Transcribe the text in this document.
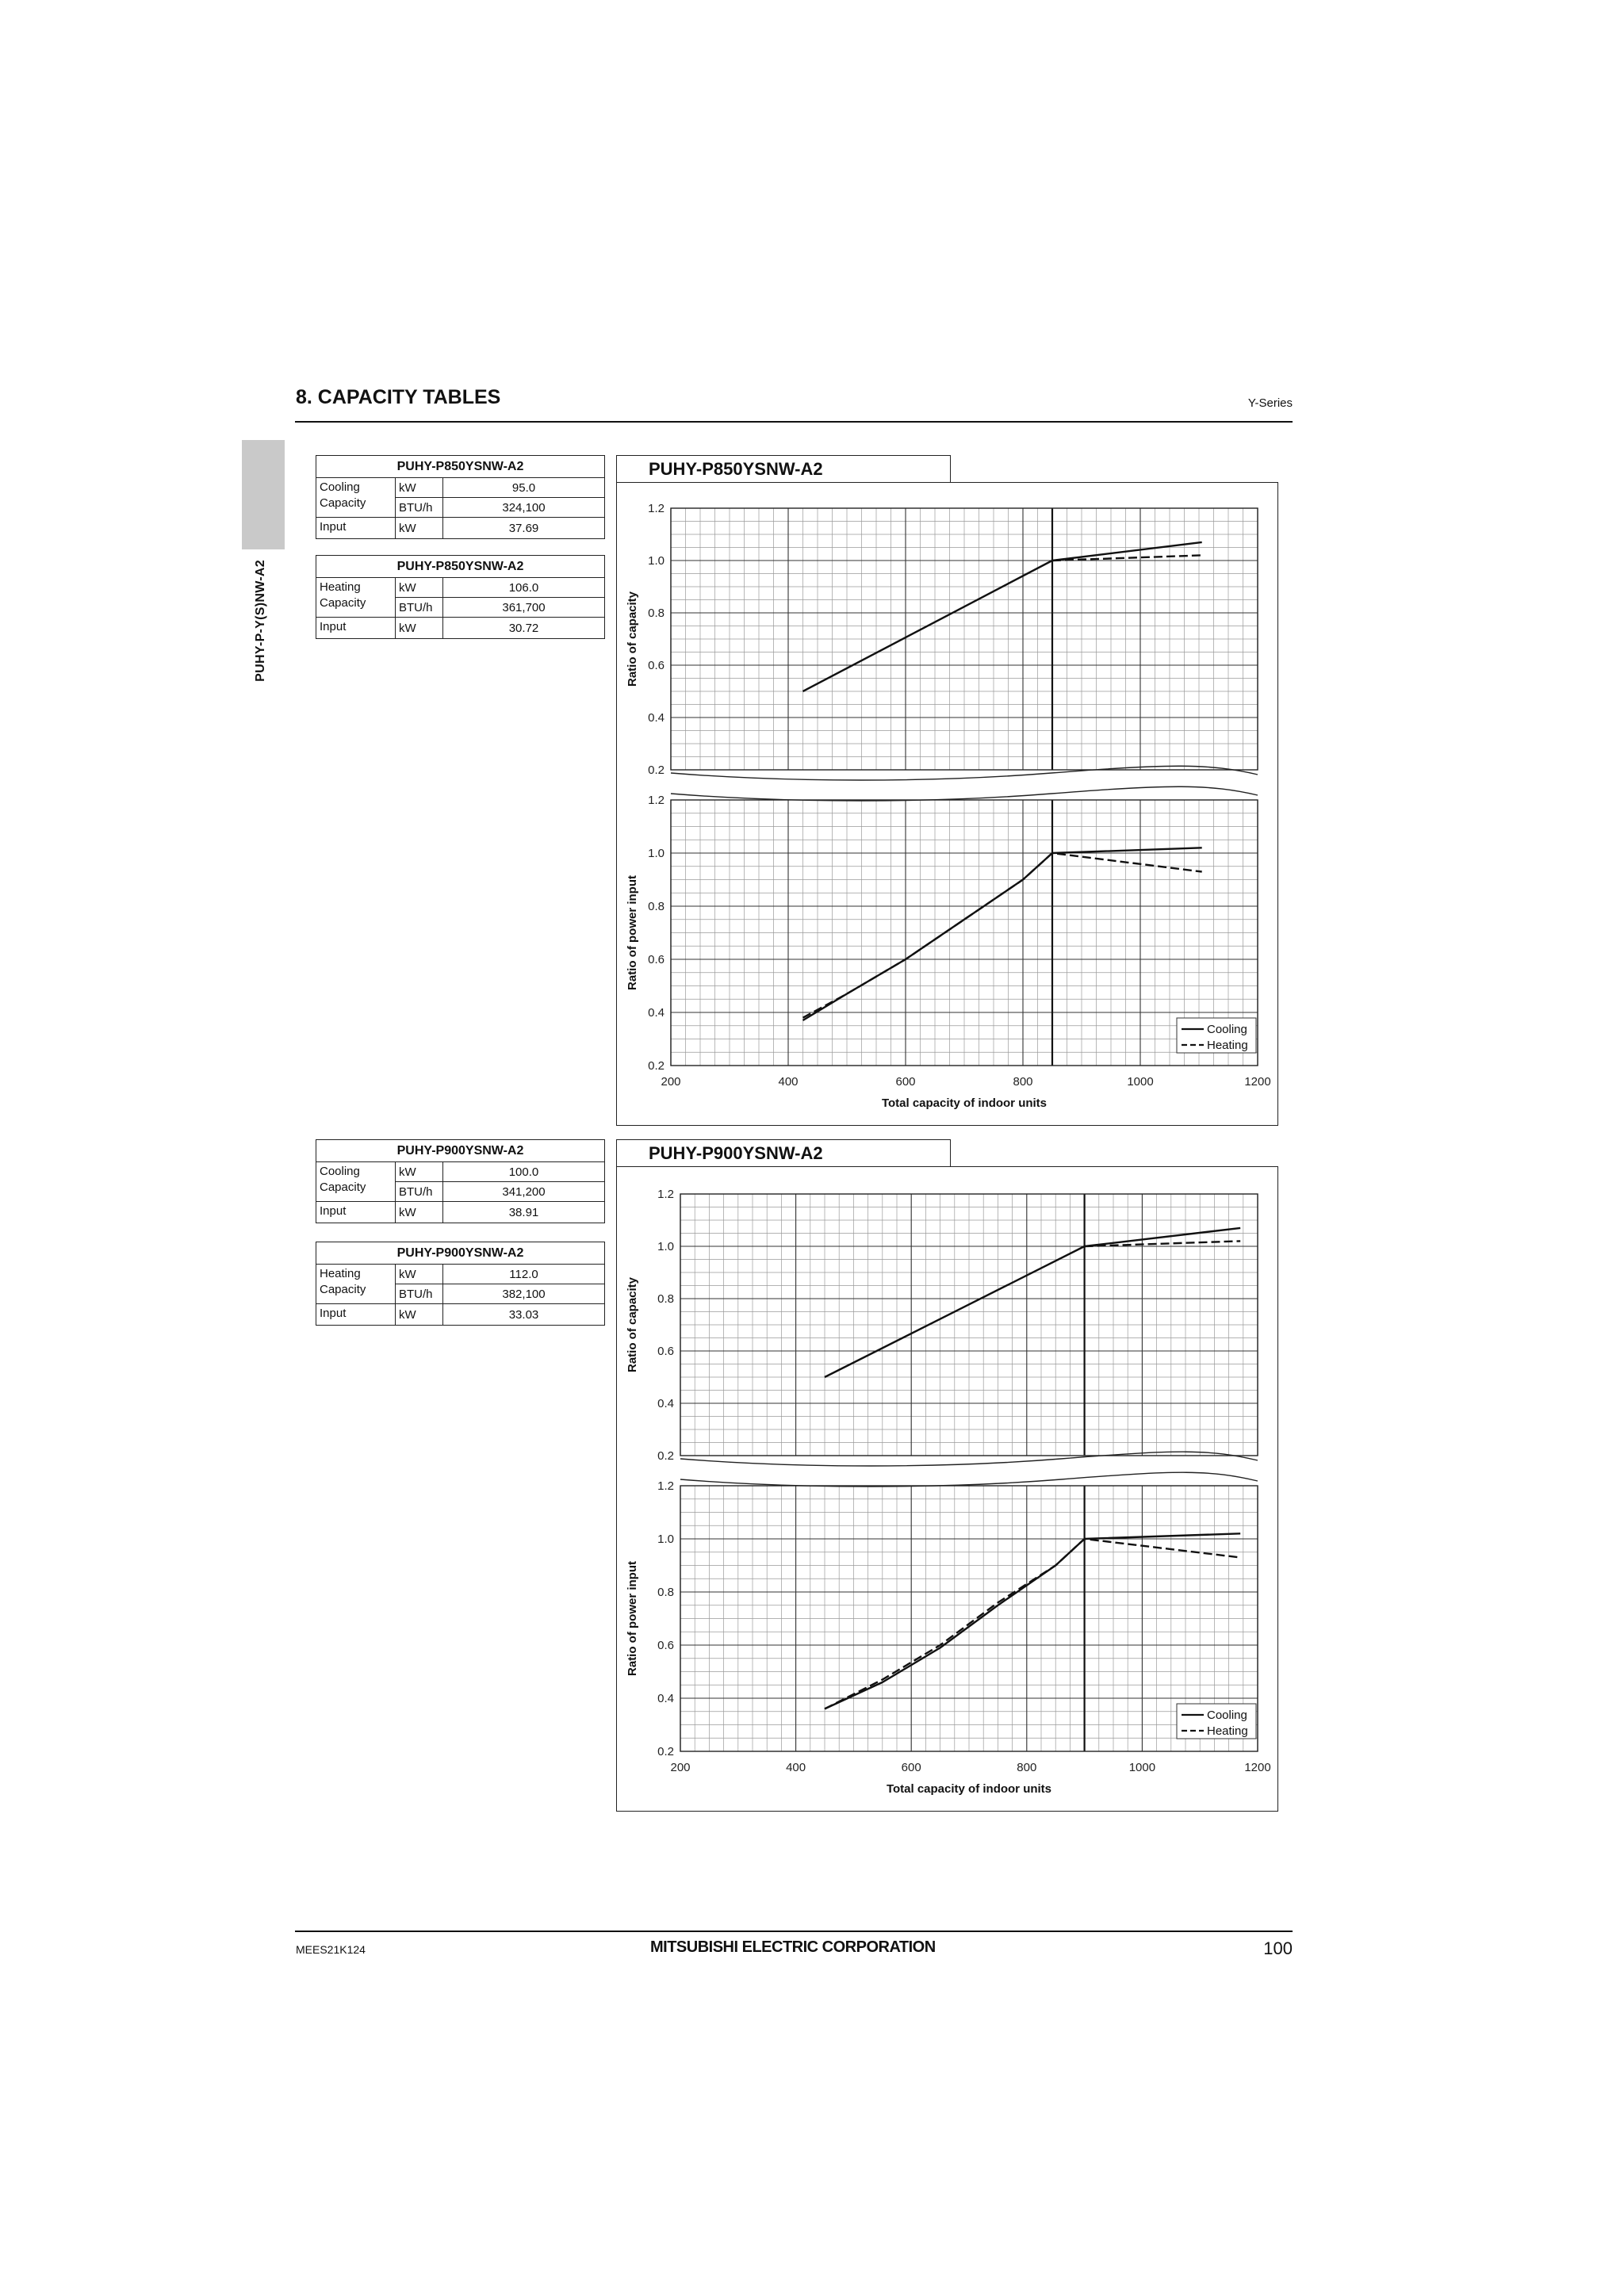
8. CAPACITY TABLES	Y-Series
PUHY-P-Y(S)NW-A2
PUHY-P850YSNW-A2		
Cooling Capacity	kW	95.0
	BTU/h	324,100
Input	kW	37.69
PUHY-P850YSNW-A2		
Heating Capacity	kW	106.0
	BTU/h	361,700
Input	kW	30.72
PUHY-P900YSNW-A2		
Cooling Capacity	kW	100.0
	BTU/h	341,200
Input	kW	38.91
PUHY-P900YSNW-A2		
Heating Capacity	kW	112.0
	BTU/h	382,100
Input	kW	33.03
PUHY-P850YSNW-A2
0.2
0.4
0.6
0.8
1.0
1.2
Ratio of capacity
0.2
0.4
0.6
0.8
1.0
1.2
Ratio of power input
200	400	600	800	1000	1200
Total capacity of indoor units
Cooling
Heating
PUHY-P900YSNW-A2
0.2
0.4
0.6
0.8
1.0
1.2
Ratio of capacity
0.2
0.4
0.6
0.8
1.0
1.2
Ratio of power input
200	400	600	800	1000	1200
Total capacity of indoor units
Cooling
Heating
MEES21K124	MITSUBISHI ELECTRIC CORPORATION	100
